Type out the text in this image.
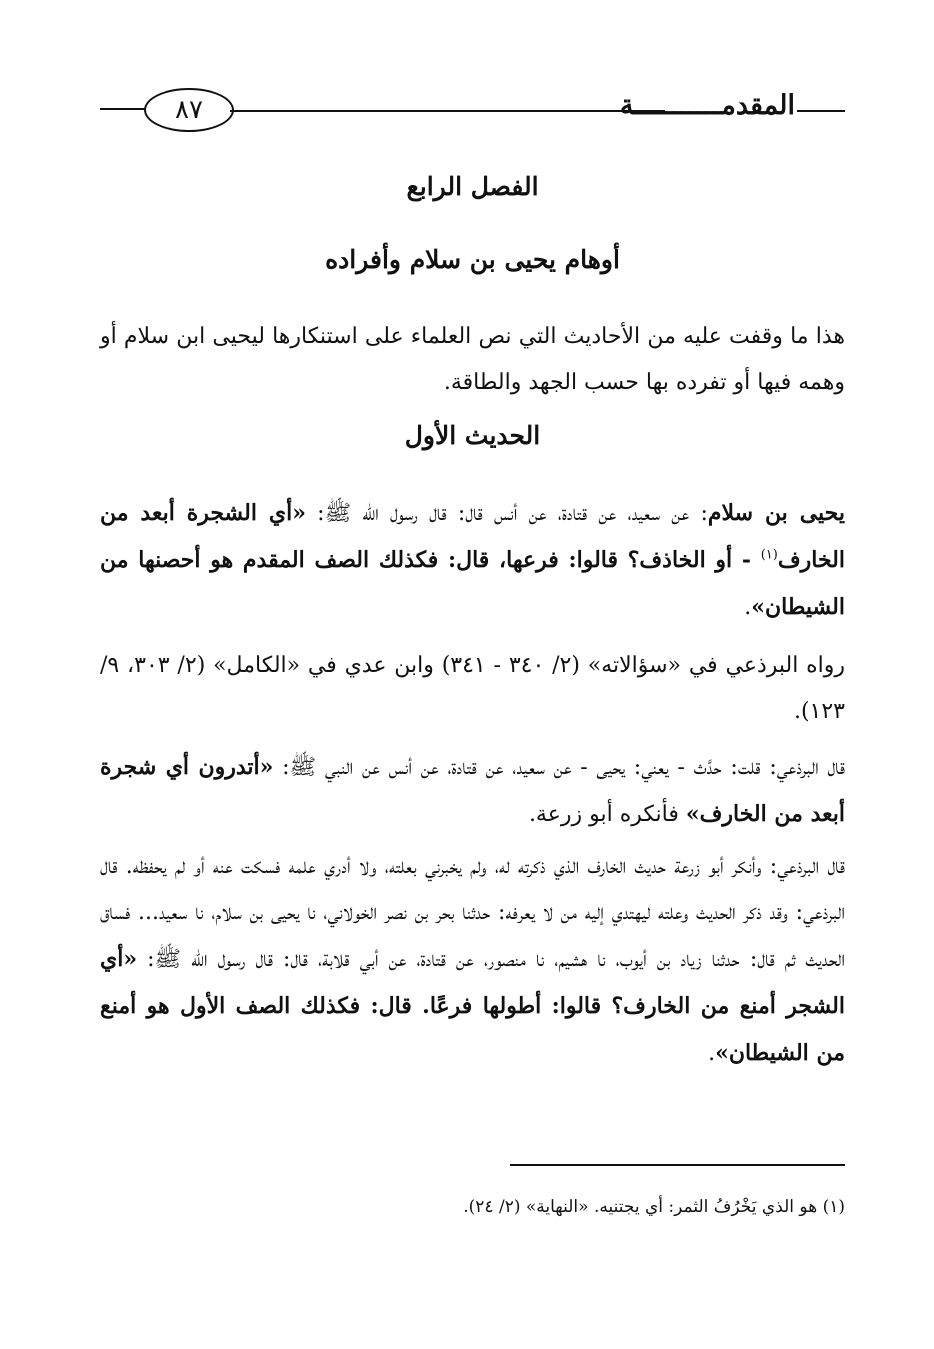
٨٧	المقدمـــــــــــة
الفصل الرابع
أوهام يحيى بن سلام وأفراده

هذا ما وقفت عليه من الأحاديث التي نص العلماء على استنكارها ليحيى ابن سلام أو وهمه فيها أو تفرده بها حسب الجهد والطاقة.

الحديث الأول

يحيى بن سلام: عن سعيد، عن قتادة، عن أنس قال: قال رسول اللّٰه ﷺ: «أي الشجرة أبعد من الخارف$^{(١)}$ - أو الخاذف؟ قالوا: فرعها، قال: فكذلك الصف المقدم هو أحصنها من الشيطان».

رواه البرذعي في «سؤالاته» (٢/ ٣٤٠ - ٣٤١) وابن عدي في «الكامل» (٢/ ٣٠٣، ٩/ ١٢٣).

قال البرذعي: قلت: حدَّث - يعني: يحيى - عن سعيد، عن قتادة، عن أنس عن النبي ﷺ: «أتدرون أي شجرة أبعد من الخارف» فأنكره أبو زرعة.

قال البرذعي: وأنكر أبو زرعة حديث الخارف الذي ذكرته له، ولم يخبرني بعلته، ولا أدري علمه فسكت عنه أو لم يحفظه. قال البرذعي: وقد ذكر الحديث وعلته ليهتدي إليه من لا يعرفه: حدثنا بحر بن نصر الخولاني، نا يحيى بن سلام، نا سعيد... فساق الحديث ثم قال: حدثنا زياد بن أيوب، نا هشيم، نا منصور، عن قتادة، عن أبي قلابة، قال: قال رسول اللّٰه ﷺ: «أي الشجر أمنع من الخارف؟ قالوا: أطولها فرعًا. قال: فكذلك الصف الأول هو أمنع من الشيطان».

(١) هو الذي يَخْرُفُ الثمر: أي يجتنيه. «النهاية» (٢/ ٢٤).
